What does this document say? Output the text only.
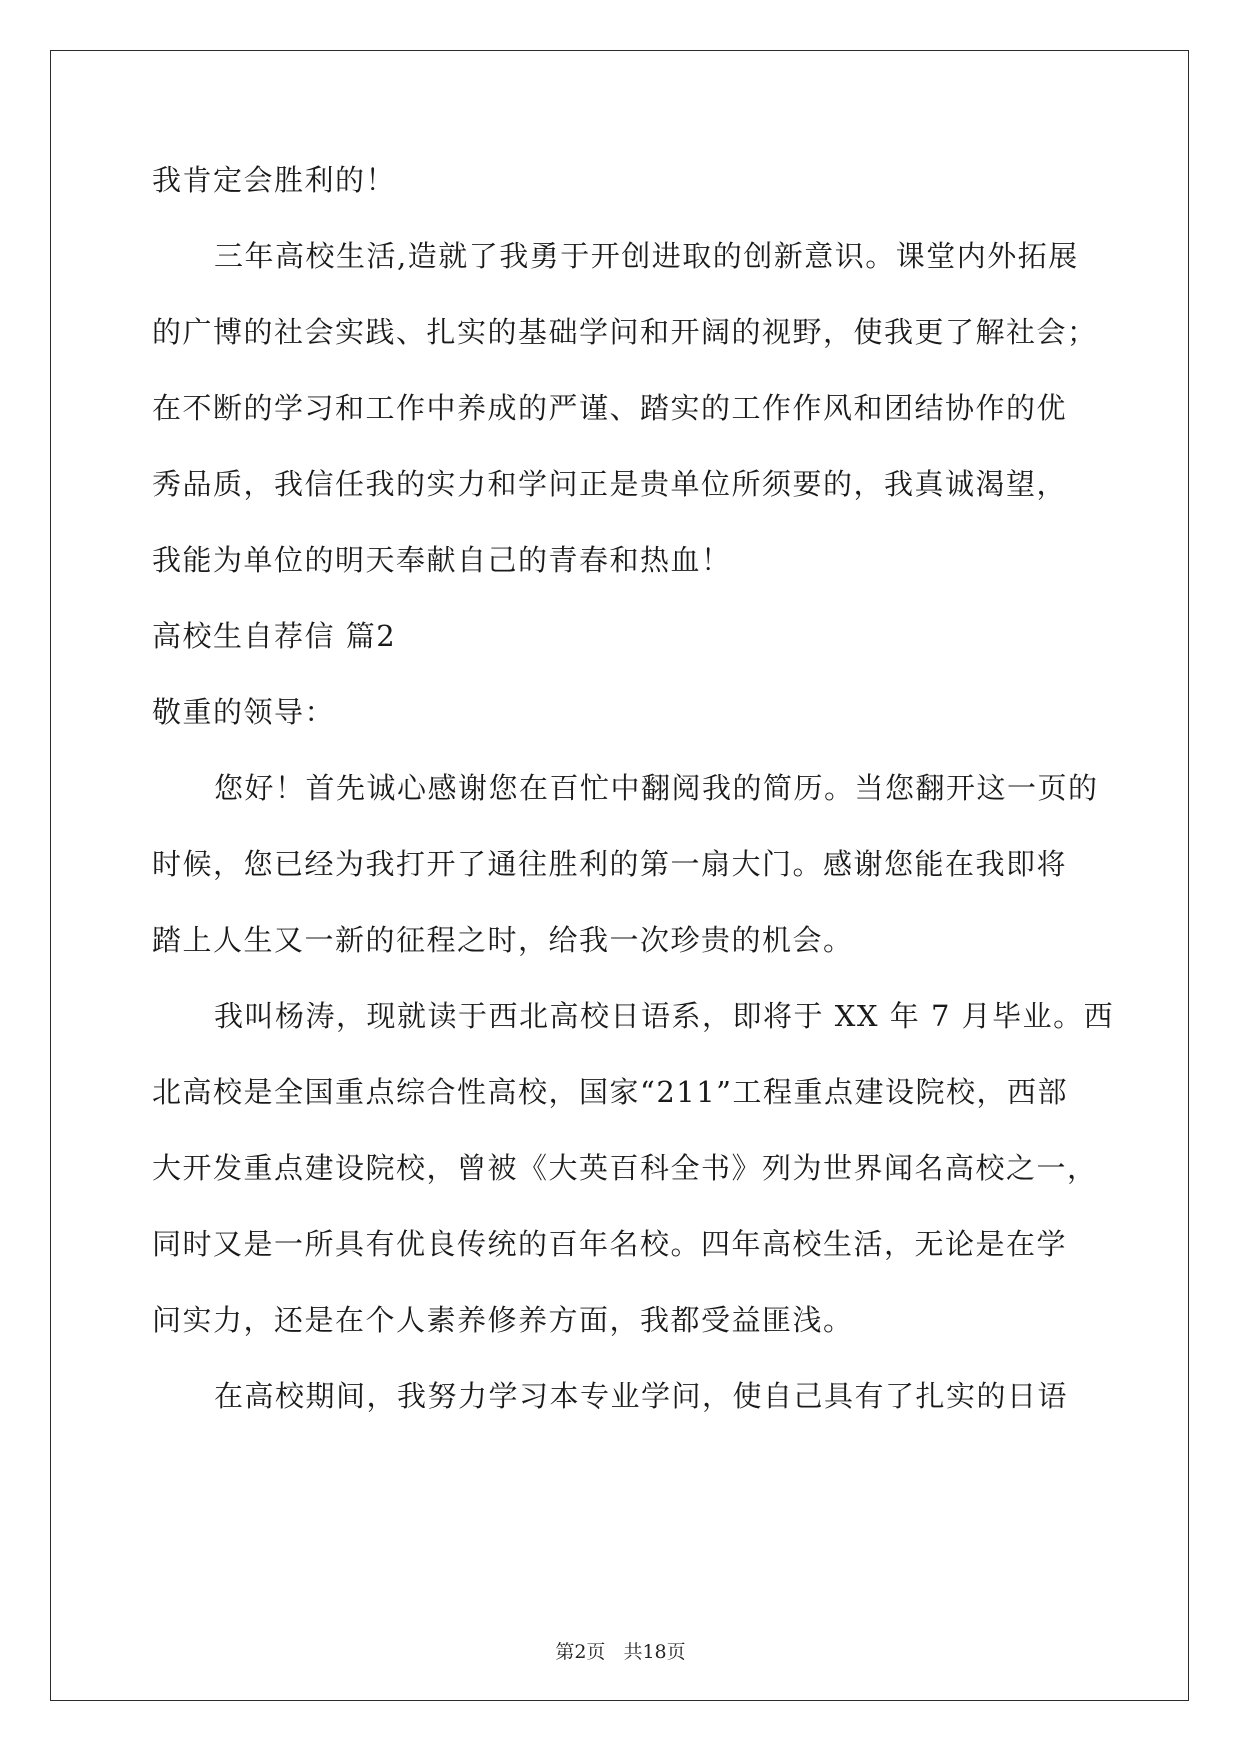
我肯定会胜利的！
三年高校生活,造就了我勇于开创进取的创新意识。课堂内外拓展
的广博的社会实践、扎实的基础学问和开阔的视野，使我更了解社会；
在不断的学习和工作中养成的严谨、踏实的工作作风和团结协作的优
秀品质，我信任我的实力和学问正是贵单位所须要的，我真诚渴望，
我能为单位的明天奉献自己的青春和热血！
高校生自荐信 篇2
敬重的领导：
您好！首先诚心感谢您在百忙中翻阅我的简历。当您翻开这一页的
时候，您已经为我打开了通往胜利的第一扇大门。感谢您能在我即将
踏上人生又一新的征程之时，给我一次珍贵的机会。
我叫杨涛，现就读于西北高校日语系，即将于 XX 年 7 月毕业。西
北高校是全国重点综合性高校，国家“211”工程重点建设院校，西部
大开发重点建设院校，曾被《大英百科全书》列为世界闻名高校之一，
同时又是一所具有优良传统的百年名校。四年高校生活，无论是在学
问实力，还是在个人素养修养方面，我都受益匪浅。
在高校期间，我努力学习本专业学问，使自己具有了扎实的日语
第2页 共18页
